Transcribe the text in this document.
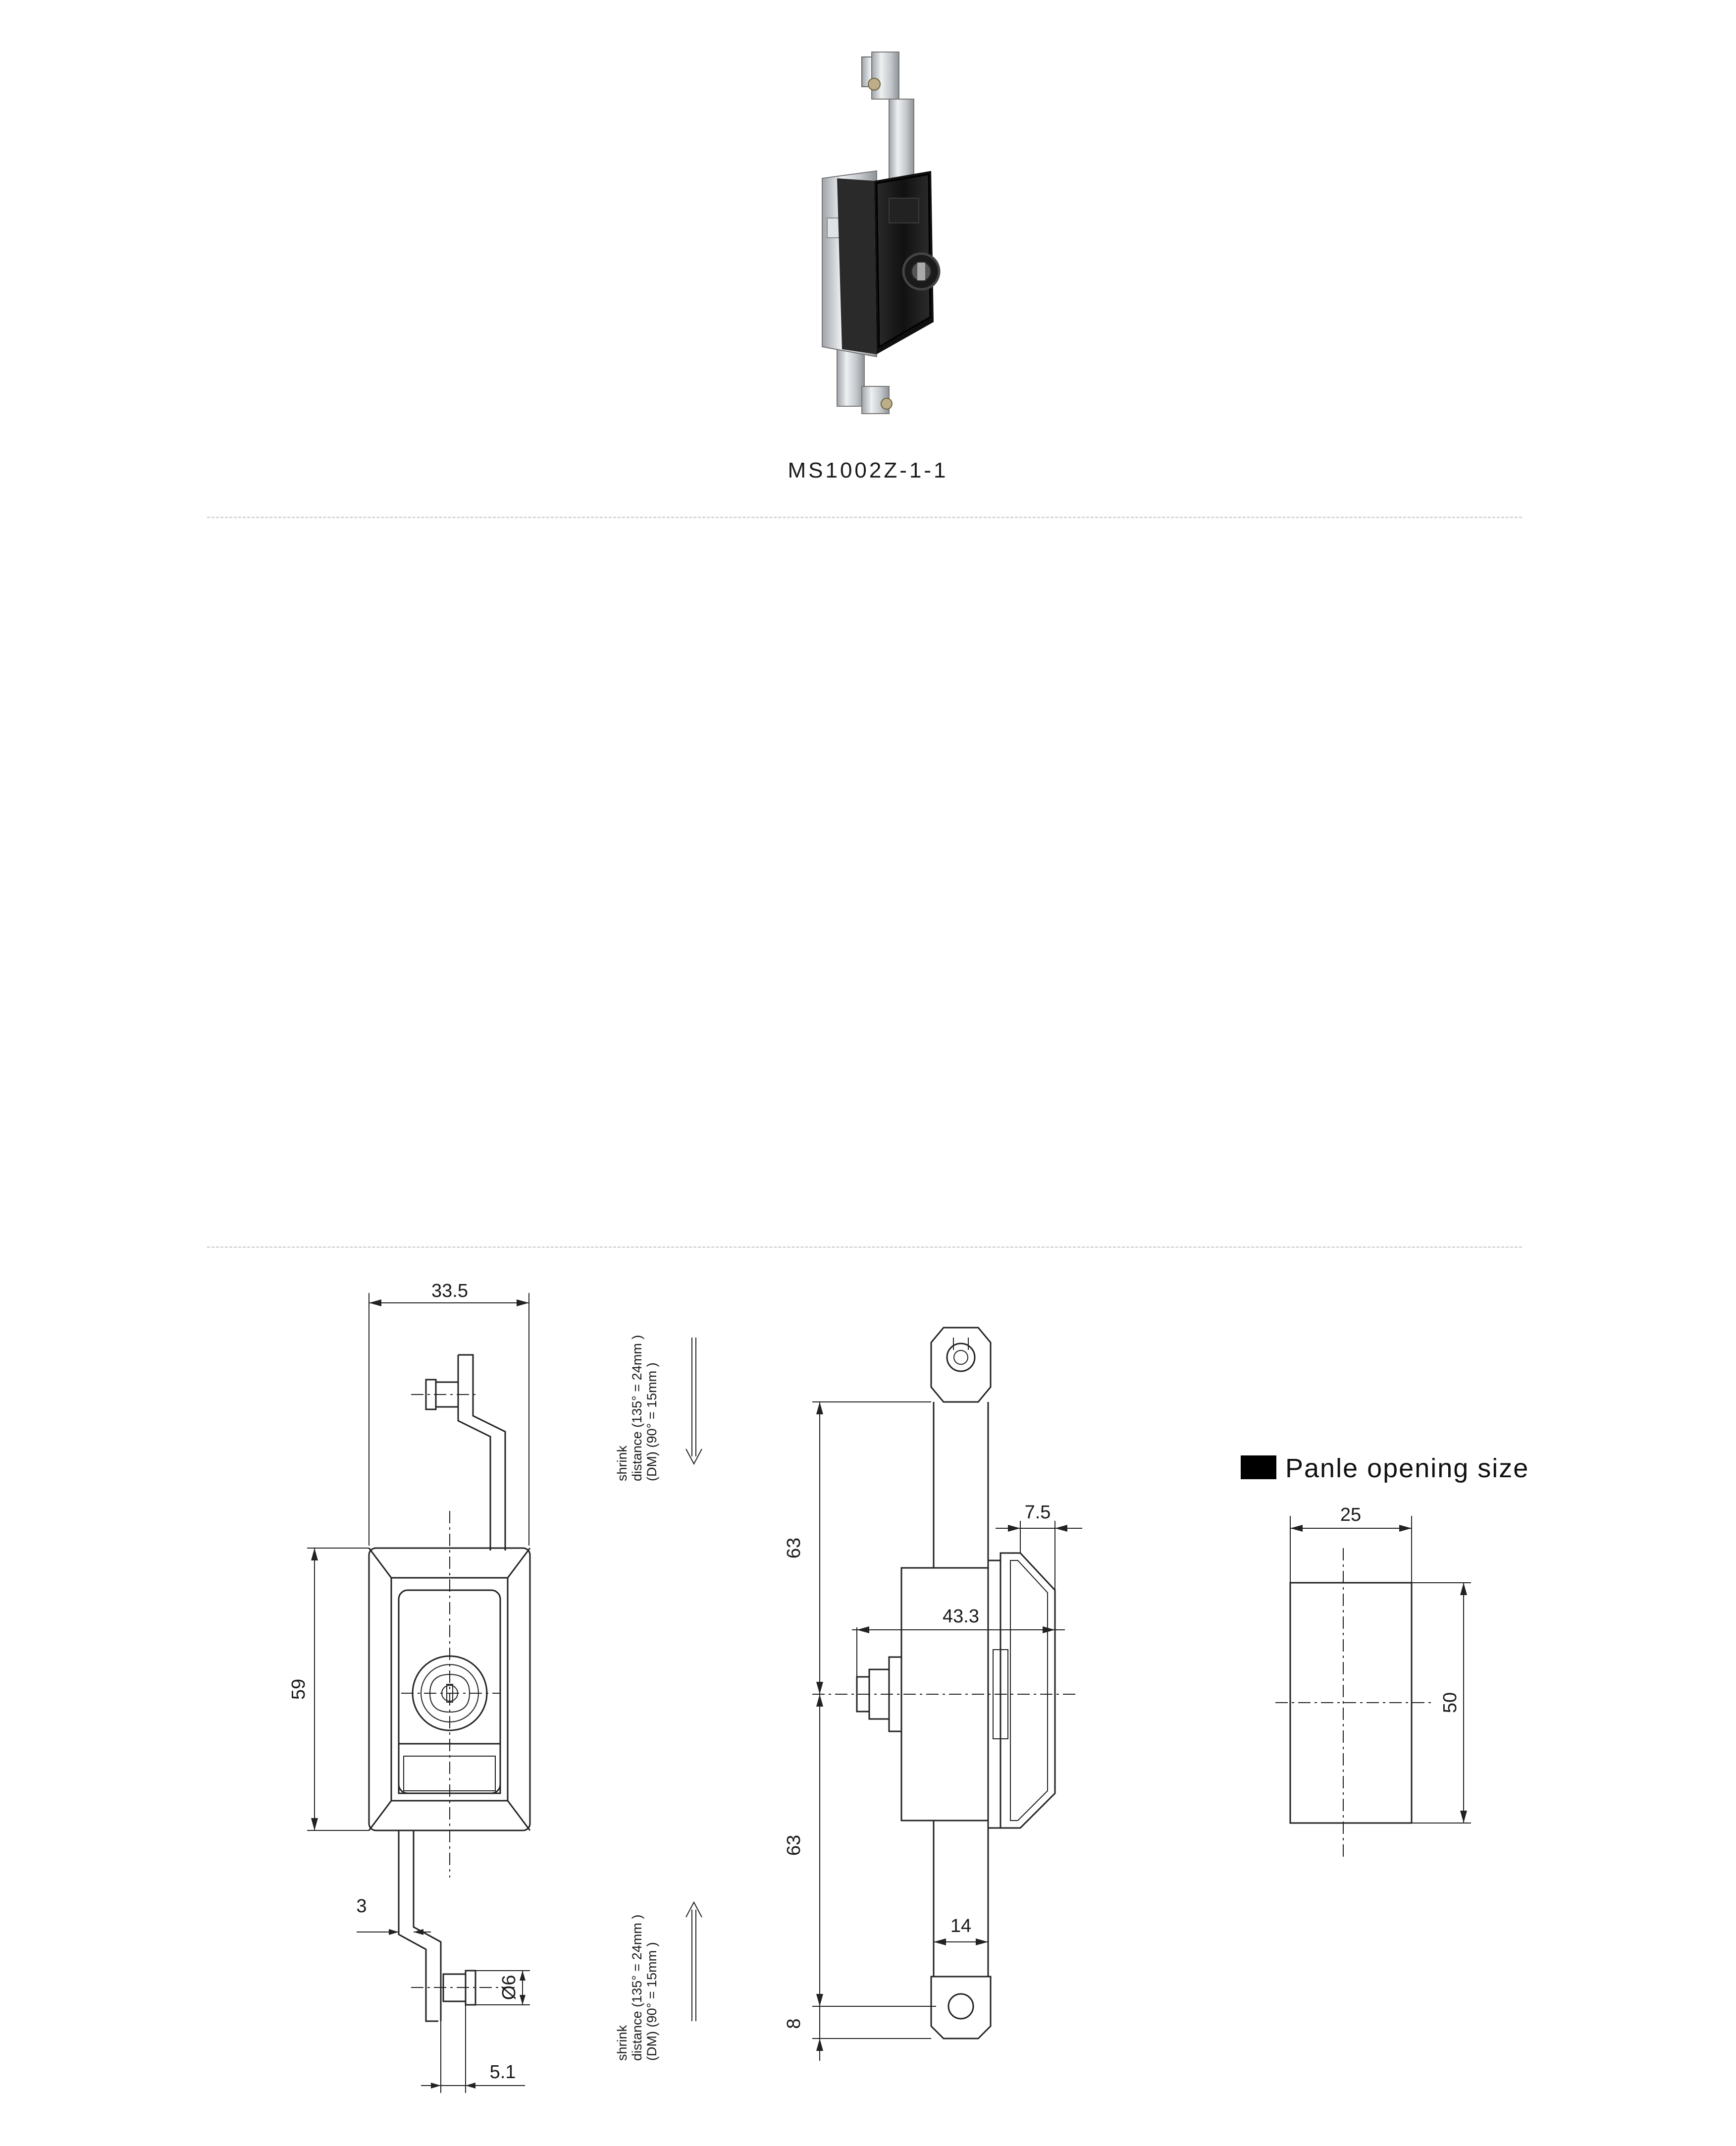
MS1002Z-1-1
33.5
59
3
Ø6
5.1
shrink distance (135° = 24mm ) (DM) (90° = 15mm )
shrink distance (135° = 24mm ) (DM) (90° = 15mm )
63
63
8
43.3
7.5
14
Panle opening size
25
50
